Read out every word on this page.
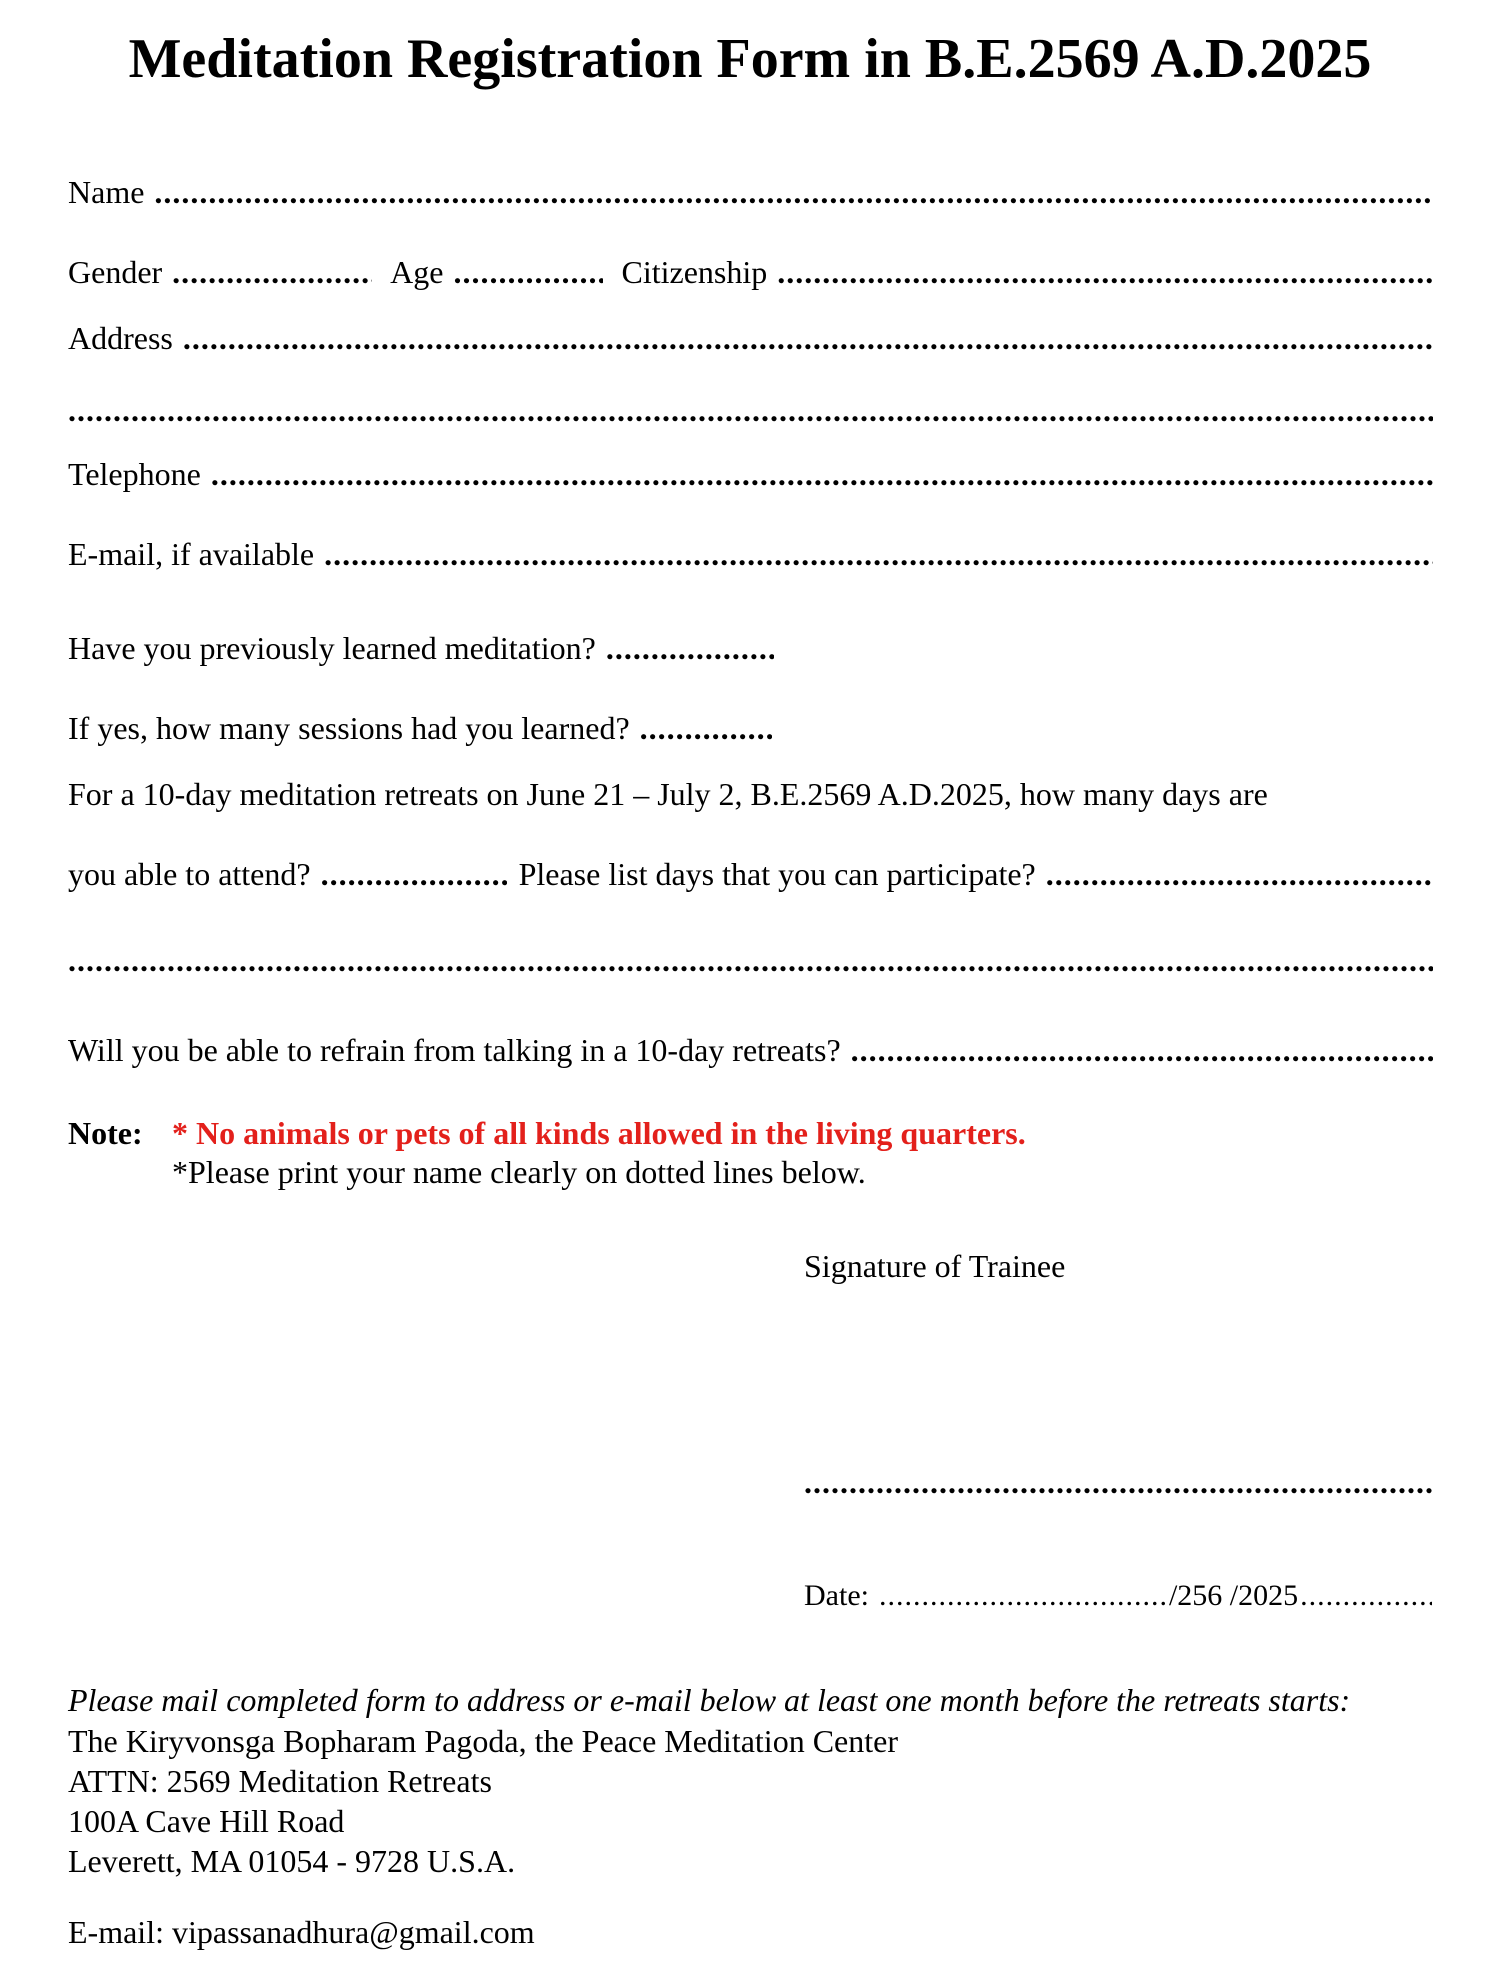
Meditation Registration Form in B.E.2569 A.D.2025
Name
.....
Gender .....	Age .....	Citizenship
.....
Address
.....
.....
Telephone
.....
E-mail, if available
.....
Have you previously learned meditation?
.....
If yes, how many sessions had you learned?
.....
For a 10-day meditation retreats on June 21 – July 2, B.E.2569 A.D.2025, how many days are
you able to attend? .....	Please list days that you can participate?
.....
.....
Will you be able to refrain from talking in a 10-day retreats?
.....
Note: * No animals or pets of all kinds allowed in the living quarters.
*Please print your name clearly on dotted lines below.
Signature of Trainee
.....
Date: .....	/256 /2025
.....
Please mail completed form to address or e-mail below at least one month before the retreats starts:
The Kiryvonsga Bopharam Pagoda, the Peace Meditation Center
ATTN: 2569 Meditation Retreats
100A Cave Hill Road
Leverett, MA 01054 - 9728 U.S.A.
E-mail: vipassanadhura@gmail.com
